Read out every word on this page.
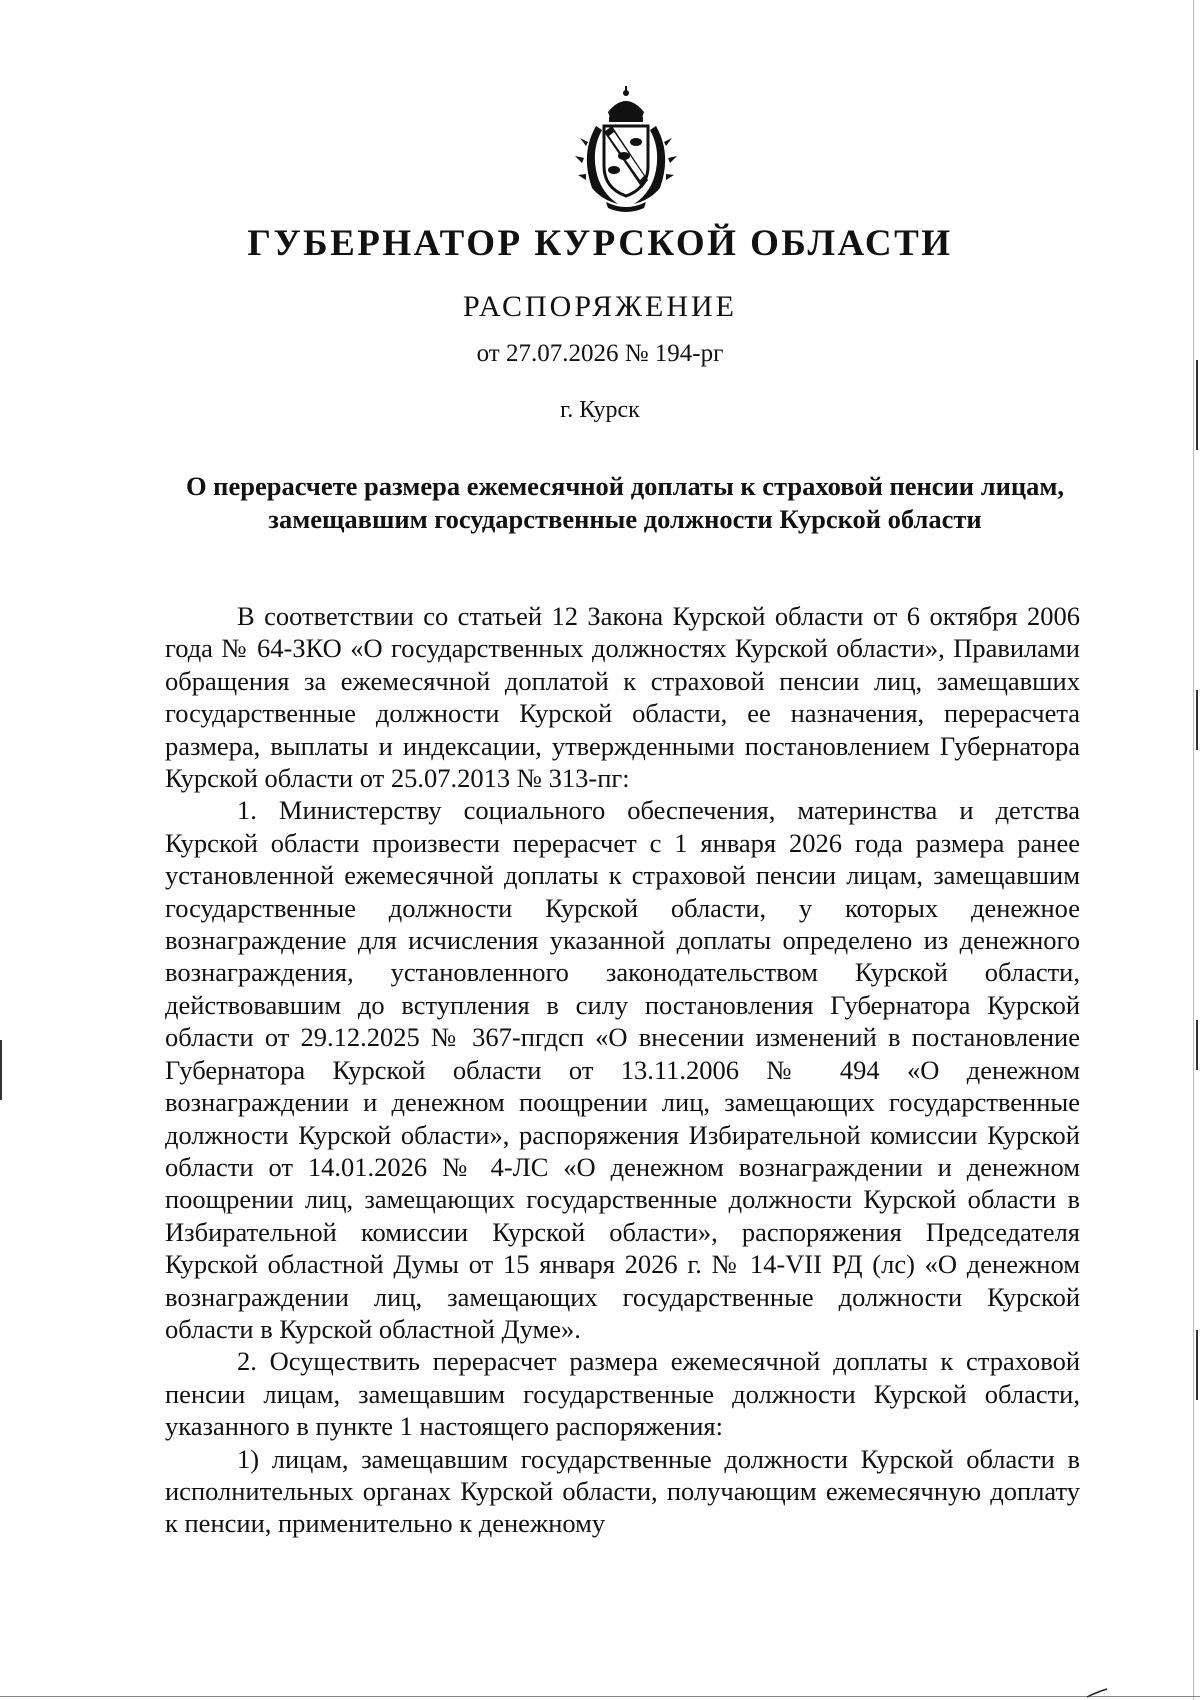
ГУБЕРНАТОР КУРСКОЙ ОБЛАСТИ
РАСПОРЯЖЕНИЕ
от 27.07.2026 № 194-рг
г. Курск
О перерасчете размера ежемесячной доплаты к страховой пенсии лицам, замещавшим государственные должности Курской области

В соответствии со статьей 12 Закона Курской области от 6 октября 2006 года № 64-ЗКО «О государственных должностях Курской области», Правилами обращения за ежемесячной доплатой к страховой пенсии лиц, замещавших государственные должности Курской области, ее назначения, перерасчета размера, выплаты и индексации, утвержденными постановлением Губернатора Курской области от 25.07.2013 № 313-пг:

1. Министерству социального обеспечения, материнства и детства Курской области произвести перерасчет с 1 января 2026 года размера ранее установленной ежемесячной доплаты к страховой пенсии лицам, замещавшим государственные должности Курской области, у которых денежное вознаграждение для исчисления указанной доплаты определено из денежного вознаграждения, установленного законодательством Курской области, действовавшим до вступления в силу постановления Губернатора Курской области от 29.12.2025 № 367-пгдсп «О внесении изменений в постановление Губернатора Курской области от 13.11.2006 № 494 «О денежном вознаграждении и денежном поощрении лиц, замещающих государственные должности Курской области», распоряжения Избирательной комиссии Курской области от 14.01.2026 № 4-ЛС «О денежном вознаграждении и денежном поощрении лиц, замещающих государственные должности Курской области в Избирательной комиссии Курской области», распоряжения Председателя Курской областной Думы от 15 января 2026 г. № 14-VII РД (лс) «О денежном вознаграждении лиц, замещающих государственные должности Курской области в Курской областной Думе».

2. Осуществить перерасчет размера ежемесячной доплаты к страховой пенсии лицам, замещавшим государственные должности Курской области, указанного в пункте 1 настоящего распоряжения:

1) лицам, замещавшим государственные должности Курской области в исполнительных органах Курской области, получающим ежемесячную доплату к пенсии, применительно к денежному
